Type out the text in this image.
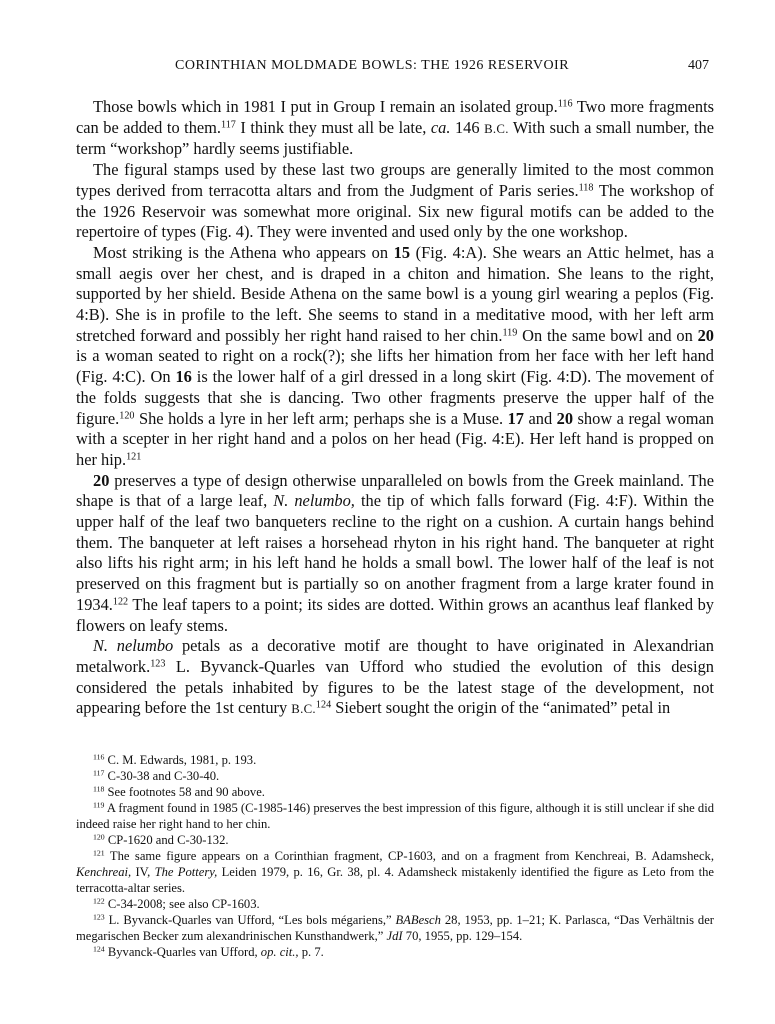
CORINTHIAN MOLDMADE BOWLS: THE 1926 RESERVOIR	407

Those bowls which in 1981 I put in Group I remain an isolated group.$^{116}$ Two more fragments can be added to them.$^{117}$ I think they must all be late, ca. 146 B.C. With such a small number, the term “workshop” hardly seems justifiable.

The figural stamps used by these last two groups are generally limited to the most common types derived from terracotta altars and from the Judgment of Paris series.$^{118}$ The workshop of the 1926 Reservoir was somewhat more original. Six new figural motifs can be added to the repertoire of types (Fig. 4). They were invented and used only by the one workshop.

Most striking is the Athena who appears on 15 (Fig. 4:A). She wears an Attic helmet, has a small aegis over her chest, and is draped in a chiton and himation. She leans to the right, supported by her shield. Beside Athena on the same bowl is a young girl wearing a peplos (Fig. 4:B). She is in profile to the left. She seems to stand in a meditative mood, with her left arm stretched forward and possibly her right hand raised to her chin.$^{119}$ On the same bowl and on 20 is a woman seated to right on a rock(?); she lifts her himation from her face with her left hand (Fig. 4:C). On 16 is the lower half of a girl dressed in a long skirt (Fig. 4:D). The movement of the folds suggests that she is dancing. Two other fragments preserve the upper half of the figure.$^{120}$ She holds a lyre in her left arm; perhaps she is a Muse. 17 and 20 show a regal woman with a scepter in her right hand and a polos on her head (Fig. 4:E). Her left hand is propped on her hip.$^{121}$

20 preserves a type of design otherwise unparalleled on bowls from the Greek mainland. The shape is that of a large leaf, N. nelumbo, the tip of which falls forward (Fig. 4:F). Within the upper half of the leaf two banqueters recline to the right on a cushion. A curtain hangs behind them. The banqueter at left raises a horsehead rhyton in his right hand. The banqueter at right also lifts his right arm; in his left hand he holds a small bowl. The lower half of the leaf is not preserved on this fragment but is partially so on another fragment from a large krater found in 1934.$^{122}$ The leaf tapers to a point; its sides are dotted. Within grows an acanthus leaf flanked by flowers on leafy stems.

N. nelumbo petals as a decorative motif are thought to have originated in Alexandrian metalwork.$^{123}$ L. Byvanck-Quarles van Ufford who studied the evolution of this design considered the petals inhabited by figures to be the latest stage of the development, not appearing before the 1st century B.C.$^{124}$ Siebert sought the origin of the “animated” petal in

$^{116}$ C. M. Edwards, 1981, p. 193.

$^{117}$ C-30-38 and C-30-40.

$^{118}$ See footnotes 58 and 90 above.

$^{119}$ A fragment found in 1985 (C-1985-146) preserves the best impression of this figure, although it is still unclear if she did indeed raise her right hand to her chin.

$^{120}$ CP-1620 and C-30-132.

$^{121}$ The same figure appears on a Corinthian fragment, CP-1603, and on a fragment from Kenchreai, B. Adamsheck, Kenchreai, IV, The Pottery, Leiden 1979, p. 16, Gr. 38, pl. 4. Adamsheck mistakenly identified the figure as Leto from the terracotta-altar series.

$^{122}$ C-34-2008; see also CP-1603.

$^{123}$ L. Byvanck-Quarles van Ufford, “Les bols mégariens,” BABesch 28, 1953, pp. 1–21; K. Parlasca, “Das Verhältnis der megarischen Becker zum alexandrinischen Kunsthandwerk,” JdI 70, 1955, pp. 129–154.

$^{124}$ Byvanck-Quarles van Ufford, op. cit., p. 7.
